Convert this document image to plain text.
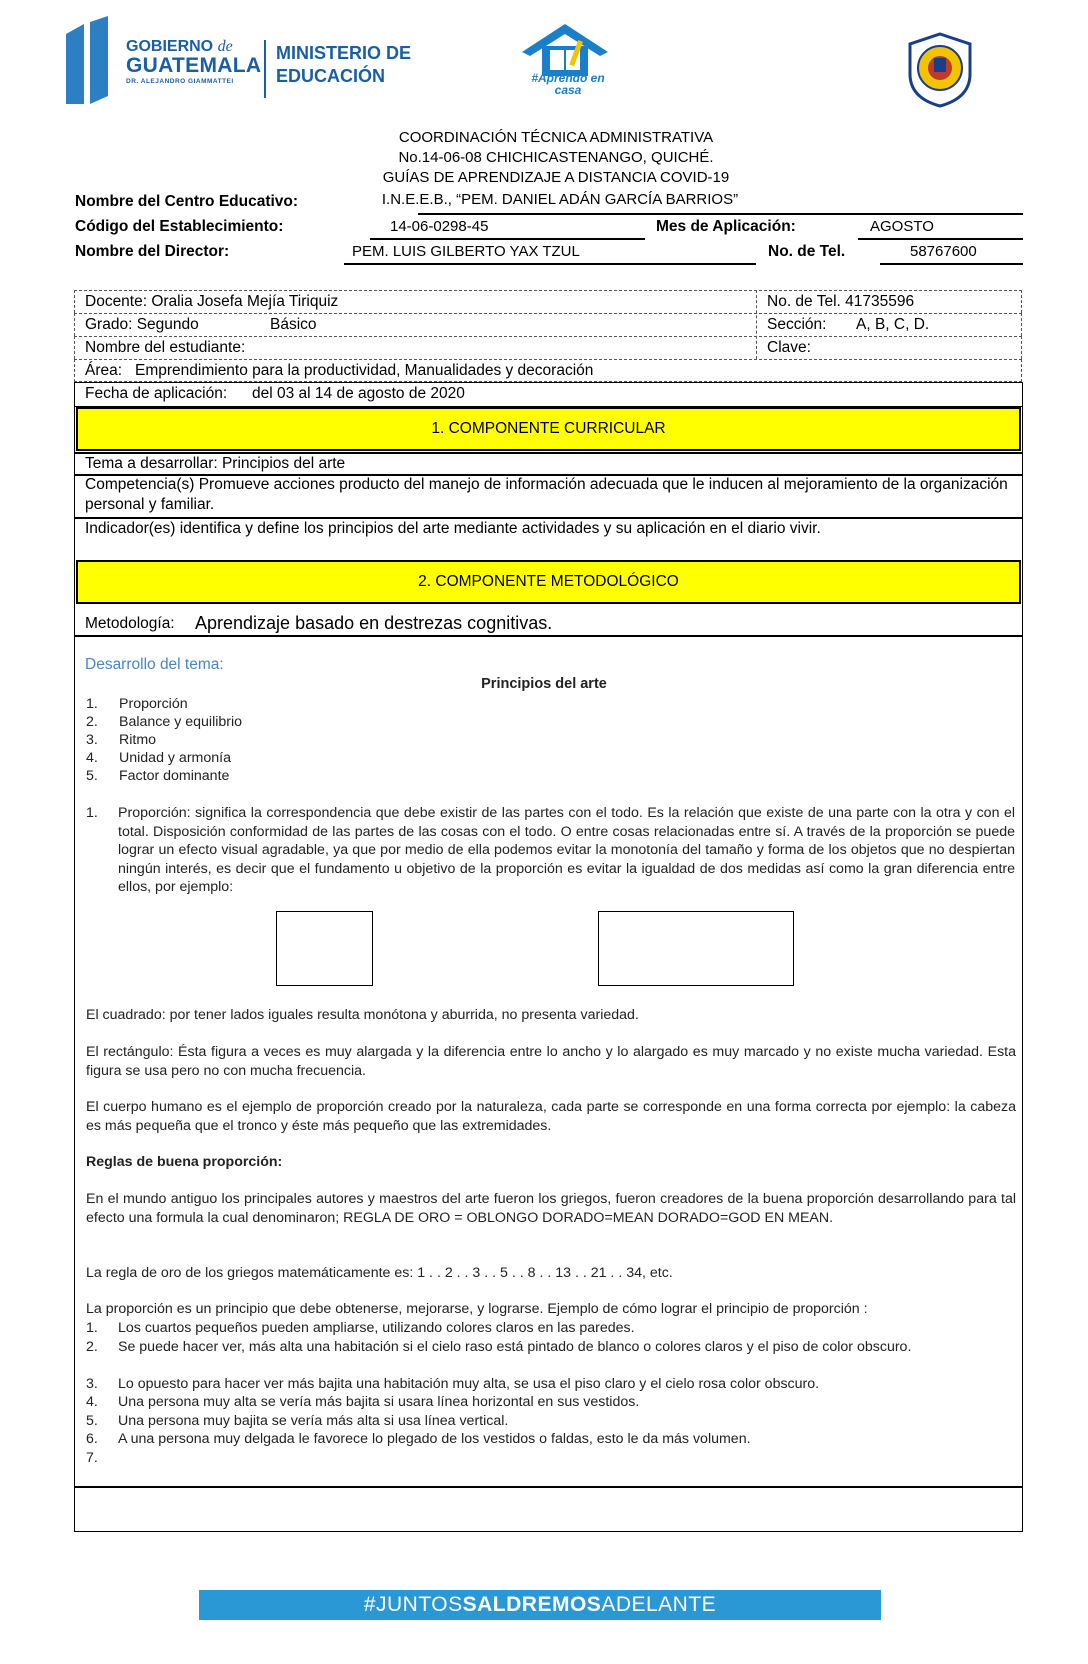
GOBIERNO de
GUATEMALA
DR. ALEJANDRO GIAMMATTEI
MINISTERIO DE
EDUCACIÓN	#Aprendo en casa
COORDINACIÓN TÉCNICA ADMINISTRATIVA
No.14-06-08 CHICHICASTENANGO, QUICHÉ.
GUÍAS DE APRENDIZAJE A DISTANCIA COVID-19
I.N.E.E.B., “PEM. DANIEL ADÁN GARCÍA BARRIOS”
Nombre del Centro Educativo:
Código del Establecimiento:	14-06-0298-45	Mes de Aplicación:	AGOSTO
Nombre del Director:	PEM. LUIS GILBERTO YAX TZUL	No. de Tel.	58767600
Docente: Oralia Josefa Mejía Tiriquiz	No. de Tel. 41735596
Grado: Segundo	Básico	Sección: A, B, C, D.
Nombre del estudiante:	Clave:
Área: Emprendimiento para la productividad, Manualidades y decoración
Fecha de aplicación: del 03 al 14 de agosto de 2020
1. COMPONENTE CURRICULAR
Tema a desarrollar: Principios del arte
Competencia(s) Promueve acciones producto del manejo de información adecuada que le inducen al mejoramiento de la organización personal y familiar.
Indicador(es) identifica y define los principios del arte mediante actividades y su aplicación en el diario vivir.
2. COMPONENTE METODOLÓGICO
Metodología: Aprendizaje basado en destrezas cognitivas.
Desarrollo del tema:
Principios del arte
1. Proporción
2. Balance y equilibrio
3. Ritmo
4. Unidad y armonía
5. Factor dominante
1. Proporción: significa la correspondencia que debe existir de las partes con el todo. Es la relación que existe de una parte con la otra y con el total. Disposición conformidad de las partes de las cosas con el todo. O entre cosas relacionadas entre sí. A través de la proporción se puede lograr un efecto visual agradable, ya que por medio de ella podemos evitar la monotonía del tamaño y forma de los objetos que no despiertan ningún interés, es decir que el fundamento u objetivo de la proporción es evitar la igualdad de dos medidas así como la gran diferencia entre ellos, por ejemplo:
El cuadrado: por tener lados iguales resulta monótona y aburrida, no presenta variedad.
El rectángulo: Ésta figura a veces es muy alargada y la diferencia entre lo ancho y lo alargado es muy marcado y no existe mucha variedad. Esta figura se usa pero no con mucha frecuencia.
El cuerpo humano es el ejemplo de proporción creado por la naturaleza, cada parte se corresponde en una forma correcta por ejemplo: la cabeza es más pequeña que el tronco y éste más pequeño que las extremidades.
Reglas de buena proporción:
En el mundo antiguo los principales autores y maestros del arte fueron los griegos, fueron creadores de la buena proporción desarrollando para tal efecto una formula la cual denominaron; REGLA DE ORO = OBLONGO DORADO=MEAN DORADO=GOD EN MEAN.
La regla de oro de los griegos matemáticamente es: 1 . . 2 . . 3 . . 5 . . 8 . . 13 . . 21 . . 34, etc.
La proporción es un principio que debe obtenerse, mejorarse, y lograrse. Ejemplo de cómo lograr el principio de proporción :
1. Los cuartos pequeños pueden ampliarse, utilizando colores claros en las paredes.
2. Se puede hacer ver, más alta una habitación si el cielo raso está pintado de blanco o colores claros y el piso de color obscuro.
3. Lo opuesto para hacer ver más bajita una habitación muy alta, se usa el piso claro y el cielo rosa color obscuro.
4. Una persona muy alta se vería más bajita si usara línea horizontal en sus vestidos.
5. Una persona muy bajita se vería más alta si usa línea vertical.
6. A una persona muy delgada le favorece lo plegado de los vestidos o faldas, esto le da más volumen.
7.
#JUNTOSSALDREMOSADELANTE
